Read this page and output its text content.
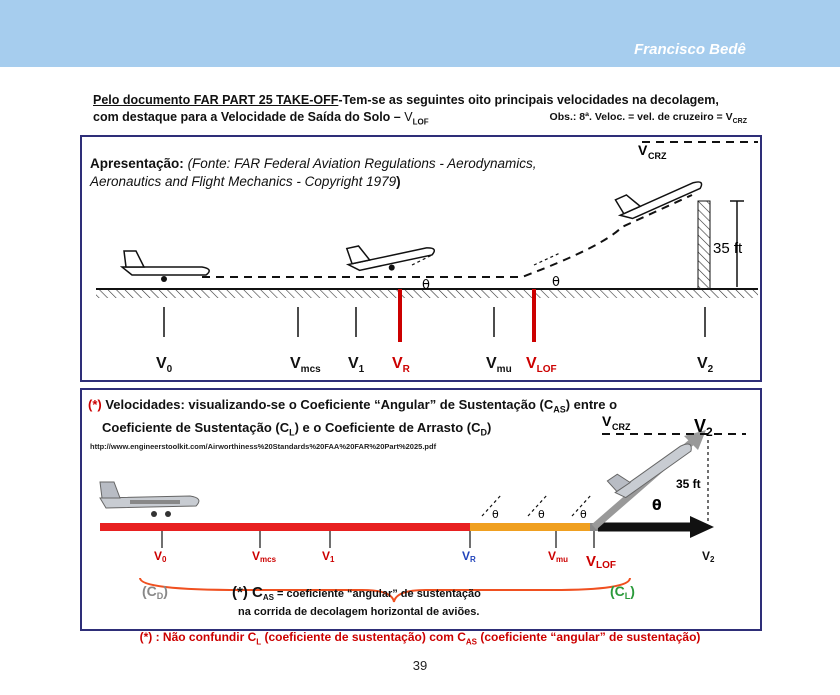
Francisco Bedê
Pelo documento FAR PART 25 TAKE-OFF-Tem-se as seguintes oito principais velocidades na decolagem,
com destaque para a Velocidade de Saída do Solo – $V_{LOF}$	Obs.: 8ª. Veloc. = vel. de cruzeiro = $V_{CRZ}$
35 ft
V CRZ
θ	θ
$V_0$	$V_{mcs}$ $V_1$ $V_R$	$V_{mu}$ $V_{LOF}$	$V_2$
Apresentação: (Fonte: FAR Federal Aviation Regulations - Aerodynamics, Aeronautics and Flight Mechanics - Copyright 1979)
V CRZ	V 2
35 ft
θ
θ	θ	θ
V0	Vmcs	V1	VR	Vmu VLOF
V2
$(C_D)$	$(C_L)$
(*) Velocidades: visualizando-se o Coeficiente “Angular” de Sustentação $(C_{AS})$ entre o
Coeficiente de Sustentação $(C_L)$ e o Coeficiente de Arrasto $(C_D)$
http://www.engineerstoolkit.com/Airworthiness%20Standards%20FAA%20FAR%20Part%2025.pdf
(*) $C_{AS}$ = coeficiente “angular” de sustentação
na corrida de decolagem horizontal de aviões.
(*) : Não confundir $C_L$ (coeficiente de sustentação) com $C_{AS}$ (coeficiente “angular” de sustentação)
39
